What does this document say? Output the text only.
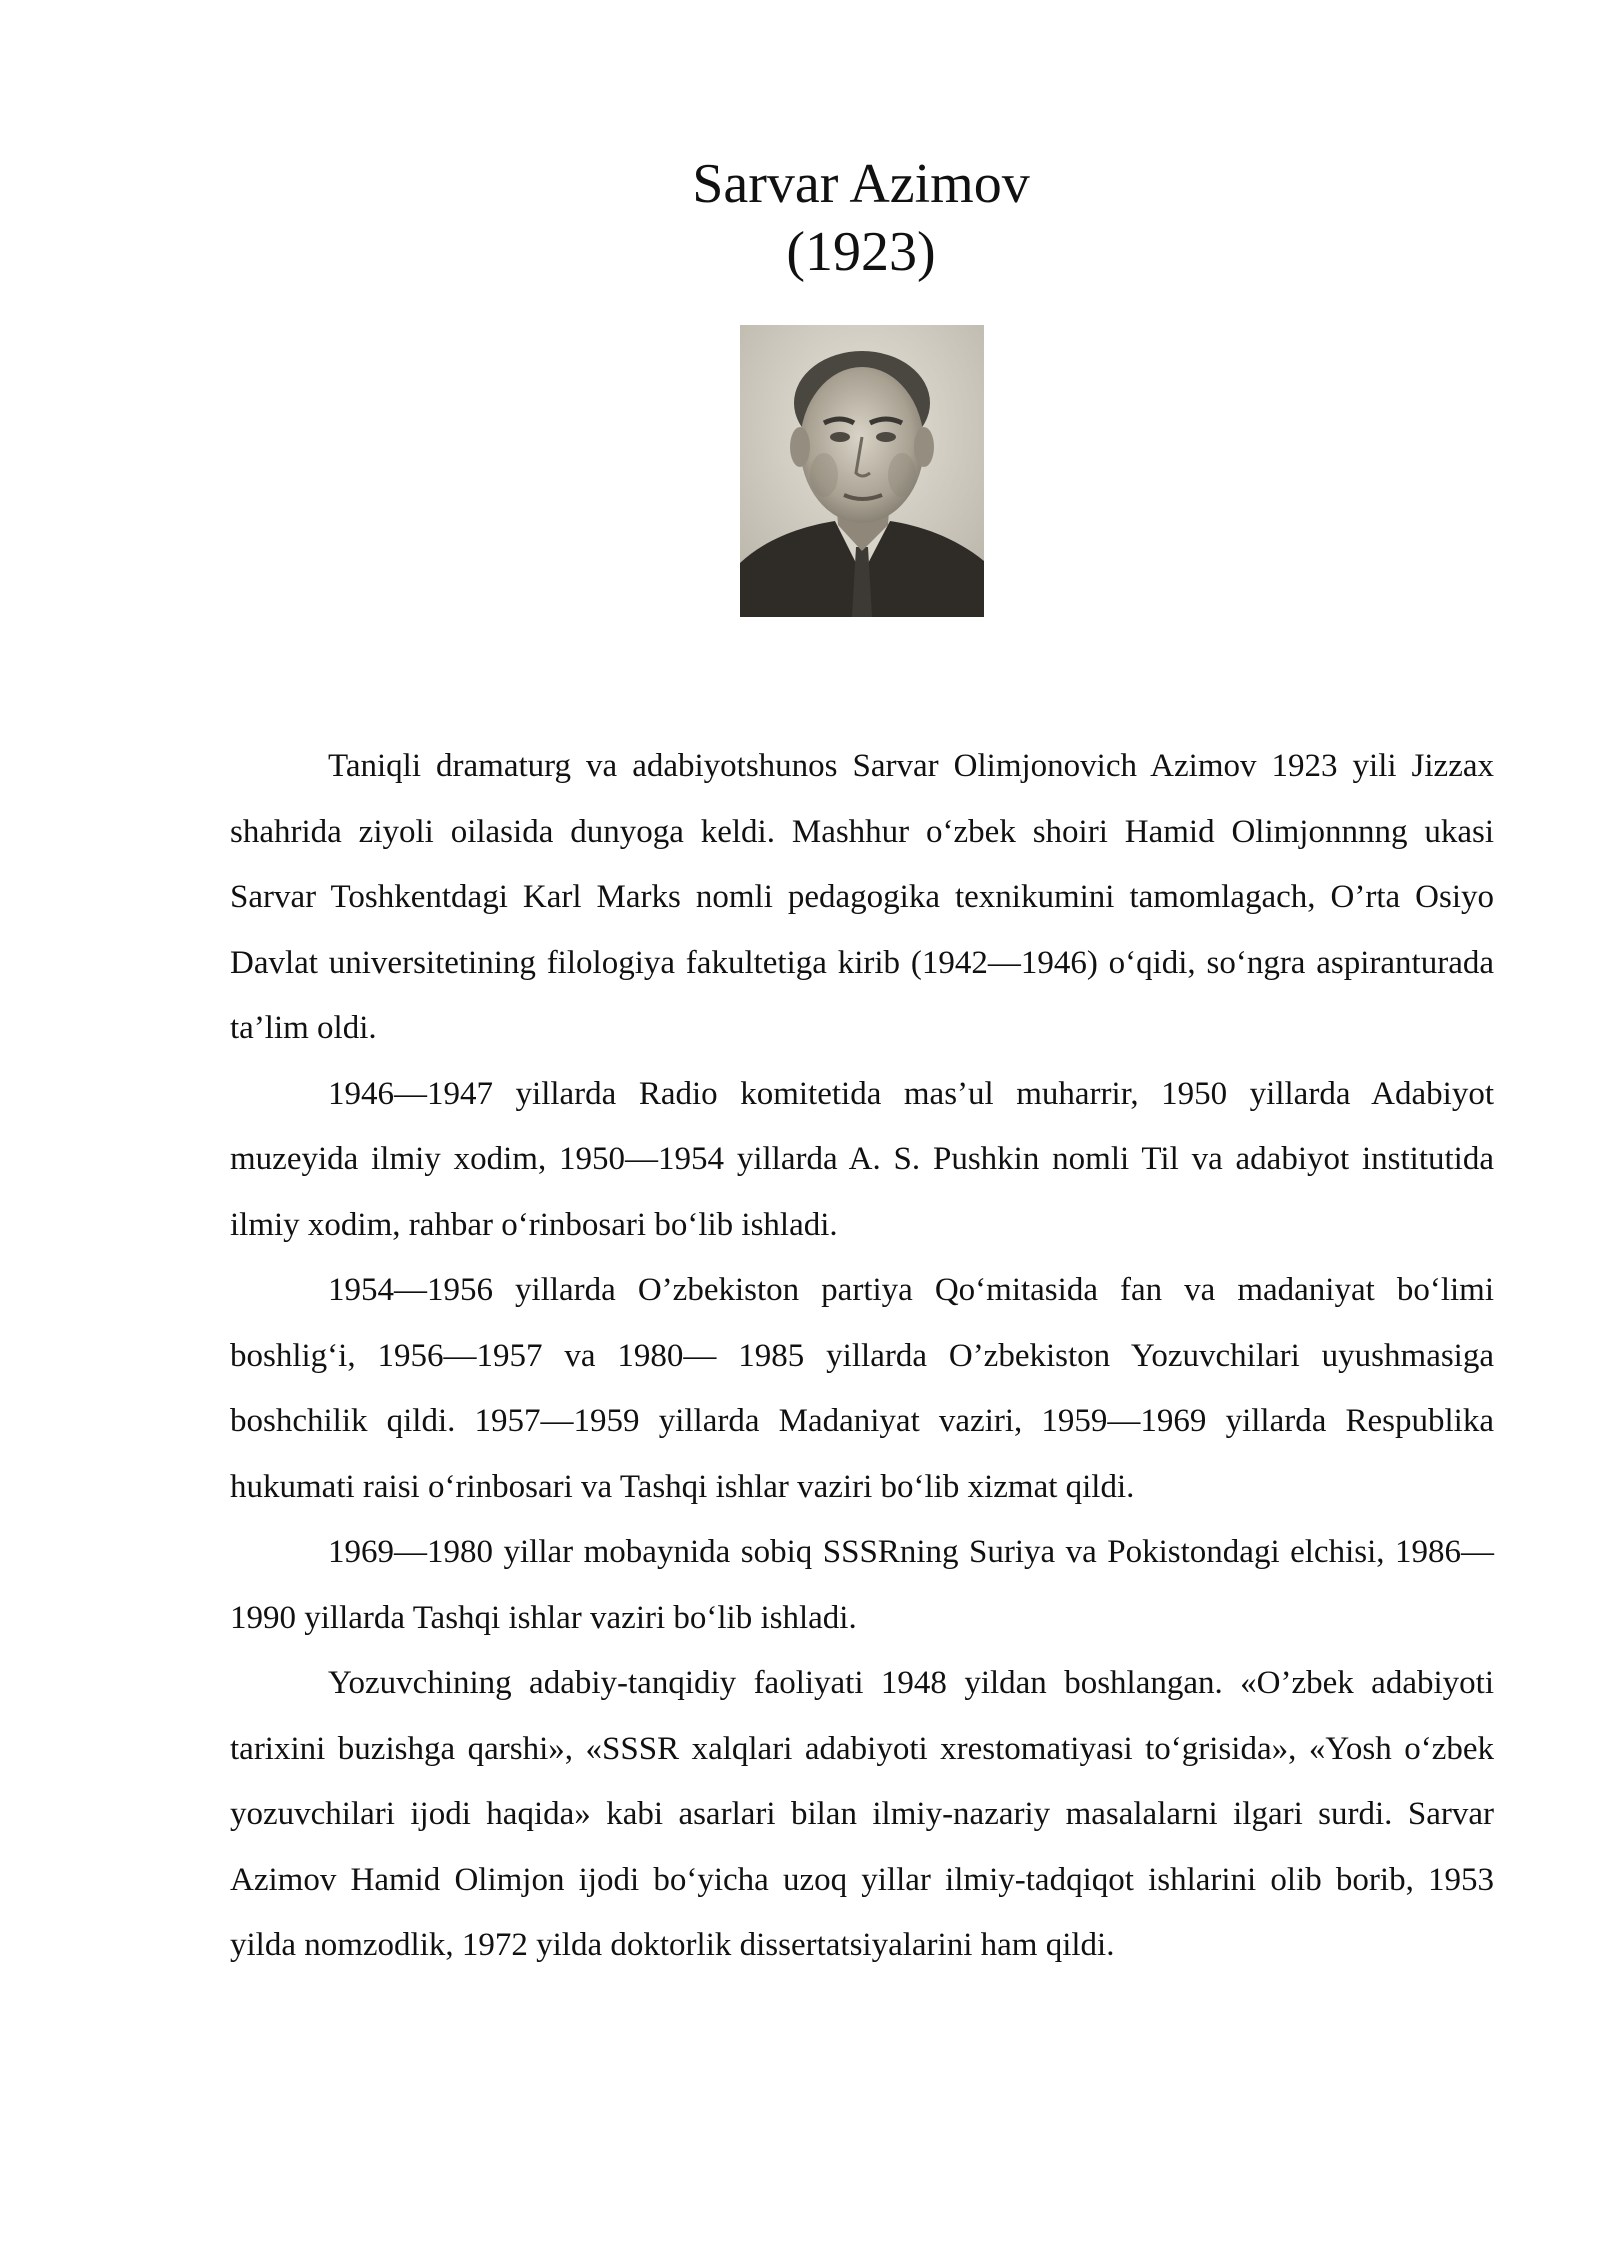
Sarvar Azimov
(1923)

Taniqli dramaturg va adabiyotshunos Sarvar Olimjonovich Azimov 1923 yili Jizzax shahrida ziyoli oilasida dunyoga keldi. Mashhur o‘zbek shoiri Hamid Olimjonnnng ukasi Sarvar Toshkentdagi Karl Marks nomli pedagogika texnikumini tamomlagach, O’rta Osiyo Davlat universitetining filologiya fakultetiga kirib (1942—1946) o‘qidi, so‘ngra aspiranturada ta’lim oldi.

1946—1947 yillarda Radio komitetida mas’ul muharrir, 1950 yillarda Adabiyot muzeyida ilmiy xodim, 1950—1954 yillarda A. S. Pushkin nomli Til va adabiyot institutida ilmiy xodim, rahbar o‘rinbosari bo‘lib ishladi.

1954—1956 yillarda O’zbekiston partiya Qo‘mitasida fan va madaniyat bo‘limi boshlig‘i, 1956—1957 va 1980— 1985 yillarda O’zbekiston Yozuvchilari uyushmasiga boshchilik qildi. 1957—1959 yillarda Madaniyat vaziri, 1959—1969 yillarda Respublika hukumati raisi o‘rinbosari va Tashqi ishlar vaziri bo‘lib xizmat qildi.

1969—1980 yillar mobaynida sobiq SSSRning Suriya va Pokistondagi elchisi, 1986—1990 yillarda Tashqi ishlar vaziri bo‘lib ishladi.

Yozuvchining adabiy-tanqidiy faoliyati 1948 yildan boshlangan. «O’zbek adabiyoti tarixini buzishga qarshi», «SSSR xalqlari adabiyoti xrestomatiyasi to‘grisida», «Yosh o‘zbek yozuvchilari ijodi haqida» kabi asarlari bilan ilmiy-nazariy masalalarni ilgari surdi. Sarvar Azimov Hamid Olimjon ijodi bo‘yicha uzoq yillar ilmiy-tadqiqot ishlarini olib borib, 1953 yilda nomzodlik, 1972 yilda doktorlik dissertatsiyalarini ham qildi.
